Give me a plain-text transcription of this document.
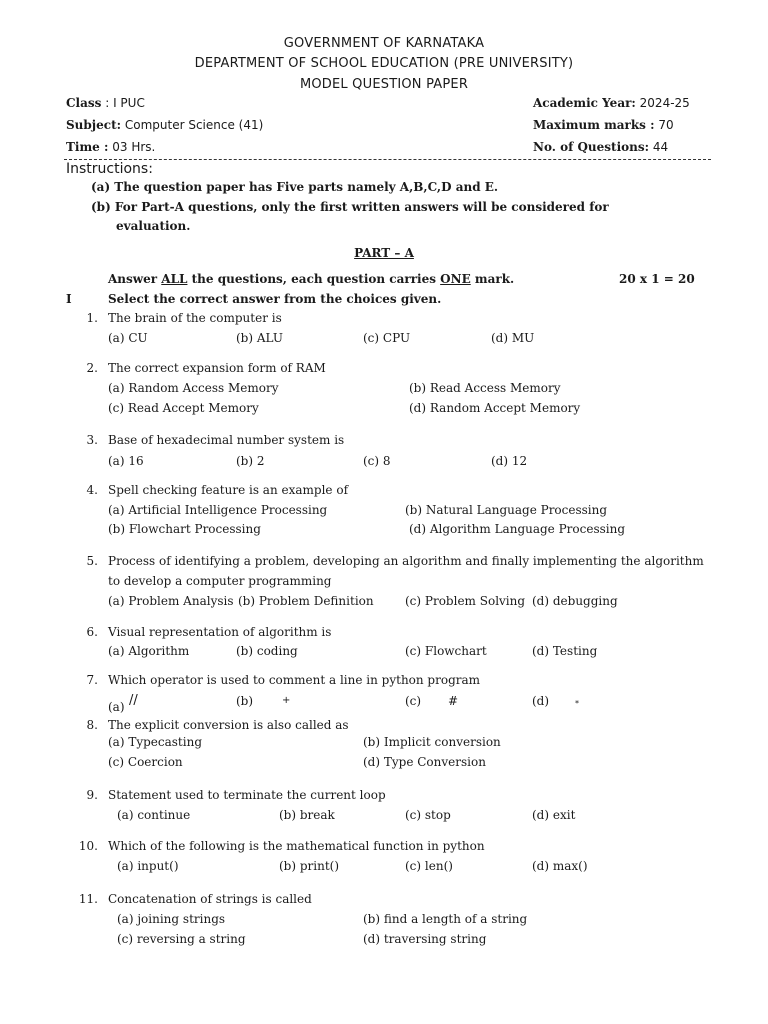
GOVERNMENT OF KARNATAKA
DEPARTMENT OF SCHOOL EDUCATION (PRE UNIVERSITY)
MODEL QUESTION PAPER
Class : I PUC
Subject: Computer Science (41)
Time : 03 Hrs.
Academic Year: 2024-25
Maximum marks : 70
No. of Questions: 44
Instructions:
(a) The question paper has Five parts namely A,B,C,D and E.
(b) For Part-A questions, only the first written answers will be considered for
evaluation.
PART – A
Answer ALL the questions, each question carries ONE mark.	20 x 1 = 20
I	Select the correct answer from the choices given.
1. The brain of the computer is
(a) CU	(b) ALU	(c) CPU	(d) MU
2. The correct expansion form of RAM
(a) Random Access Memory	(b) Read Access Memory
(c) Read Accept Memory	(d) Random Accept Memory
3. Base of hexadecimal number system is
(a) 16	(b) 2	(c) 8	(d) 12
4. Spell checking feature is an example of
(a) Artificial Intelligence Processing	(b) Natural Language Processing
(b) Flowchart Processing	(d) Algorithm Language Processing
5. Process of identifying a problem, developing an algorithm and finally implementing the algorithm
to develop a computer programming
(a) Problem Analysis (b) Problem Definition	(c) Problem Solving (d) debugging
6. Visual representation of algorithm is
(a) Algorithm	(b) coding	(c) Flowchart	(d) Testing
7. Which operator is used to comment a line in python program
(a) //	(b)	+	(c) #	(d)	*
8. The explicit conversion is also called as
(a) Typecasting	(b) Implicit conversion
(c) Coercion	(d) Type Conversion
9. Statement used to terminate the current loop
(a) continue	(b) break	(c) stop	(d) exit
10. Which of the following is the mathematical function in python
(a) input()	(b) print()	(c) len()	(d) max()
11. Concatenation of strings is called
(a) joining strings	(b) find a length of a string
(c) reversing a string	(d) traversing string
